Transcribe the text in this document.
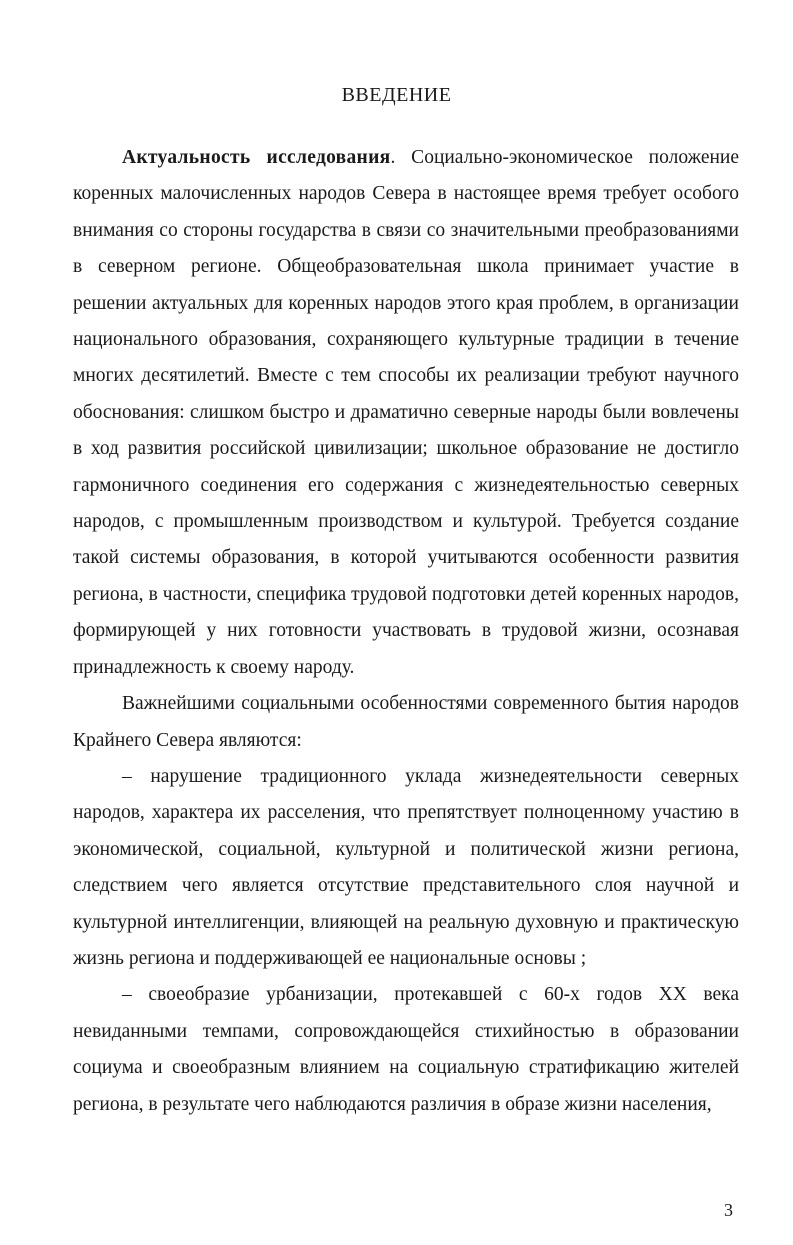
ВВЕДЕНИЕ

Актуальность исследования. Социально-экономическое положение коренных малочисленных народов Севера в настоящее время требует особого внимания со стороны государства в связи со значительными преобразованиями в северном регионе. Общеобразовательная школа принимает участие в решении актуальных для коренных народов этого края проблем, в организации национального образования, сохраняющего культурные традиции в течение многих десятилетий. Вместе с тем способы их реализации требуют научного обоснования: слишком быстро и драматично северные народы были вовлечены в ход развития российской цивилизации; школьное образование не достигло гармоничного соединения его содержания с жизнедеятельностью северных народов, с промышленным производством и культурой. Требуется создание такой системы образования, в которой учитываются особенности развития региона, в частности, специфика трудовой подготовки детей коренных народов, формирующей у них готовности участвовать в трудовой жизни, осознавая принадлежность к своему народу.

Важнейшими социальными особенностями современного бытия народов Крайнего Севера являются:

– нарушение традиционного уклада жизнедеятельности северных народов, характера их расселения, что препятствует полноценному участию в экономической, социальной, культурной и политической жизни региона, следствием чего является отсутствие представительного слоя научной и культурной интеллигенции, влияющей на реальную духовную и практическую жизнь региона и поддерживающей ее национальные основы ;

– своеобразие урбанизации, протекавшей с 60-х годов XX века невиданными темпами, сопровождающейся стихийностью в образовании социума и своеобразным влиянием на социальную стратификацию жителей региона, в результате чего наблюдаются различия в образе жизни населения,

3
